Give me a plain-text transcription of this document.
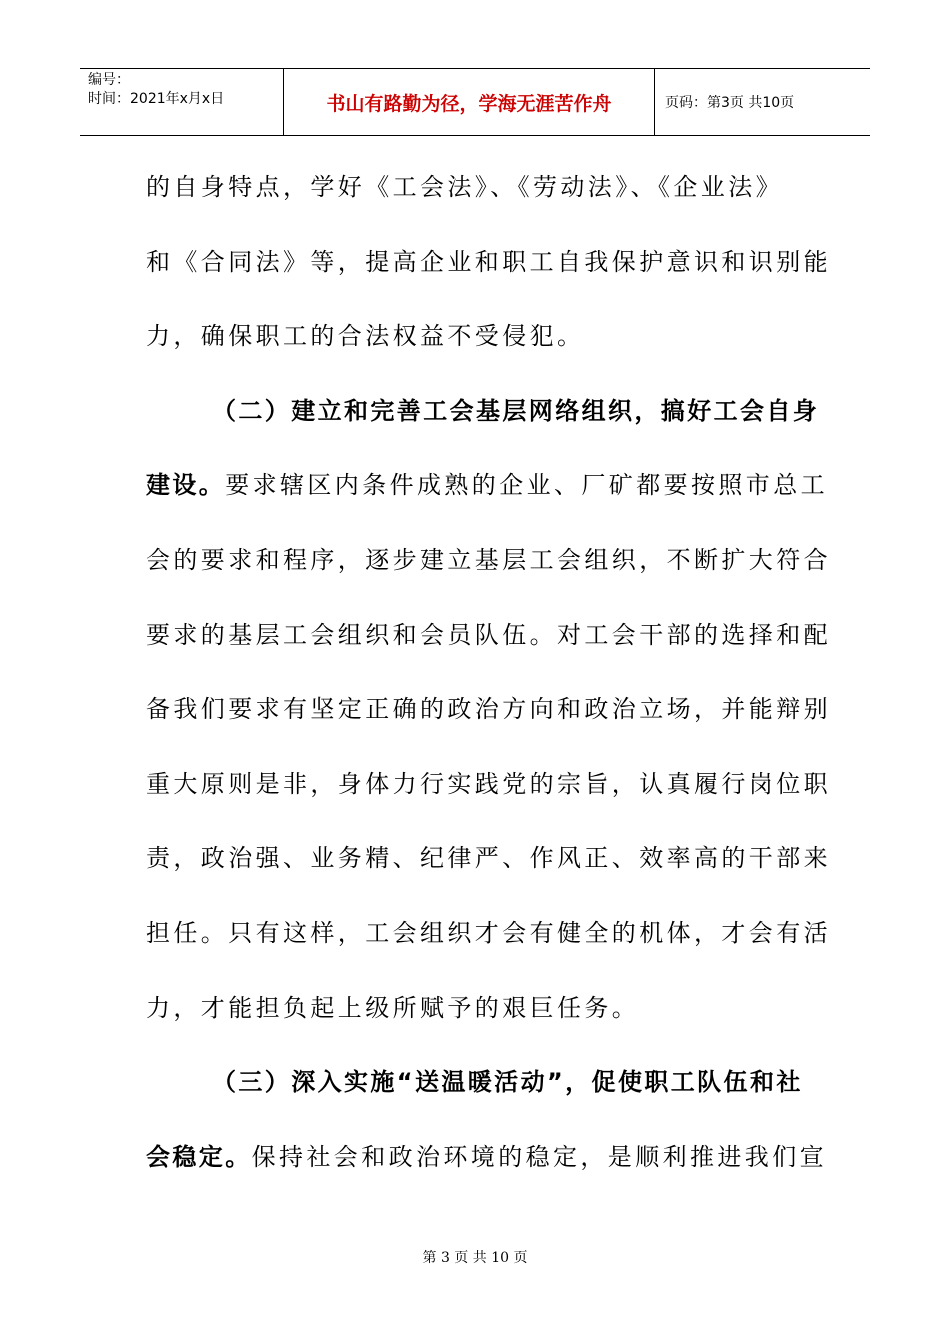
编号：
时间：2021年x月x日	书山有路勤为径，学海无涯苦作舟	页码：第3页 共10页
的自身特点，学好《工会法》、《劳动法》、《企业法》
和《合同法》等，提高企业和职工自我保护意识和识别能
力，确保职工的合法权益不受侵犯。
（二）建立和完善工会基层网络组织，搞好工会自身
建设。要求辖区内条件成熟的企业、厂矿都要按照市总工
会的要求和程序，逐步建立基层工会组织，不断扩大符合
要求的基层工会组织和会员队伍。对工会干部的选择和配
备我们要求有坚定正确的政治方向和政治立场，并能辩别
重大原则是非，身体力行实践党的宗旨，认真履行岗位职
责，政治强、业务精、纪律严、作风正、效率高的干部来
担任。只有这样，工会组织才会有健全的机体，才会有活
力，才能担负起上级所赋予的艰巨任务。
（三）深入实施“送温暖活动”，促使职工队伍和社
会稳定。保持社会和政治环境的稳定，是顺利推进我们宣
第 3 页 共 10 页
